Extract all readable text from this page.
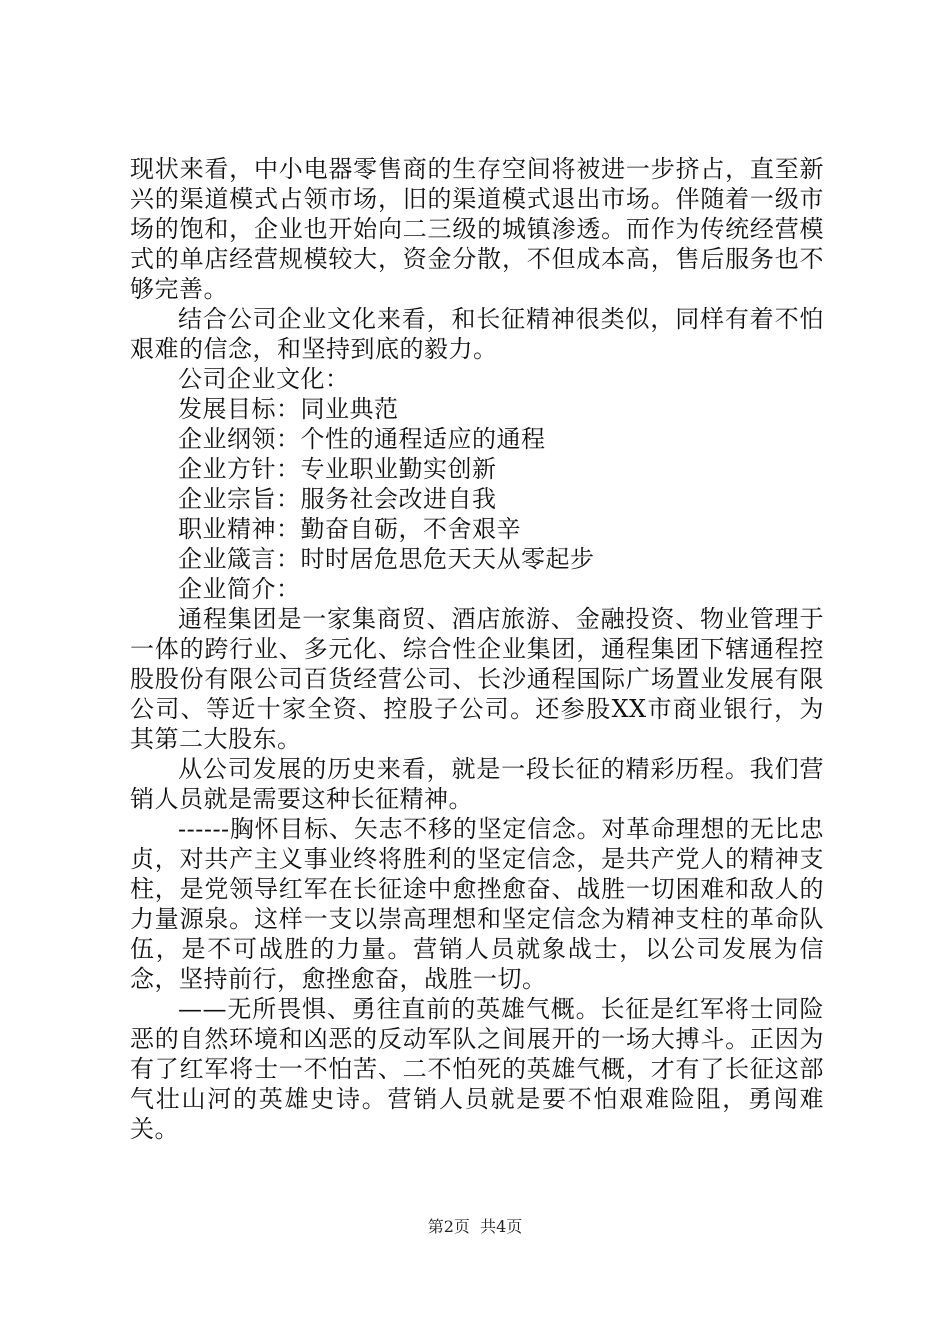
现状来看，中小电器零售商的生存空间将被进一步挤占，直至新兴的渠道模式占领市场，旧的渠道模式退出市场。伴随着一级市场的饱和，企业也开始向二三级的城镇渗透。而作为传统经营模式的单店经营规模较大，资金分散，不但成本高，售后服务也不够完善。

结合公司企业文化来看，和长征精神很类似，同样有着不怕艰难的信念，和坚持到底的毅力。

公司企业文化：

发展目标：同业典范

企业纲领：个性的通程适应的通程

企业方针：专业职业勤实创新

企业宗旨：服务社会改进自我

职业精神：勤奋自砺，不舍艰辛

企业箴言：时时居危思危天天从零起步

企业简介：

通程集团是一家集商贸、酒店旅游、金融投资、物业管理于一体的跨行业、多元化、综合性企业集团，通程集团下辖通程控股股份有限公司百货经营公司、长沙通程国际广场置业发展有限公司、等近十家全资、控股子公司。还参股XX市商业银行，为其第二大股东。

从公司发展的历史来看，就是一段长征的精彩历程。我们营销人员就是需要这种长征精神。

------胸怀目标、矢志不移的坚定信念。对革命理想的无比忠贞，对共产主义事业终将胜利的坚定信念，是共产党人的精神支柱，是党领导红军在长征途中愈挫愈奋、战胜一切困难和敌人的力量源泉。这样一支以崇高理想和坚定信念为精神支柱的革命队伍，是不可战胜的力量。营销人员就象战士，以公司发展为信念，坚持前行，愈挫愈奋，战胜一切。

——无所畏惧、勇往直前的英雄气概。长征是红军将士同险恶的自然环境和凶恶的反动军队之间展开的一场大搏斗。正因为有了红军将士一不怕苦、二不怕死的英雄气概，才有了长征这部气壮山河的英雄史诗。营销人员就是要不怕艰难险阻，勇闯难关。

第2页  共4页
